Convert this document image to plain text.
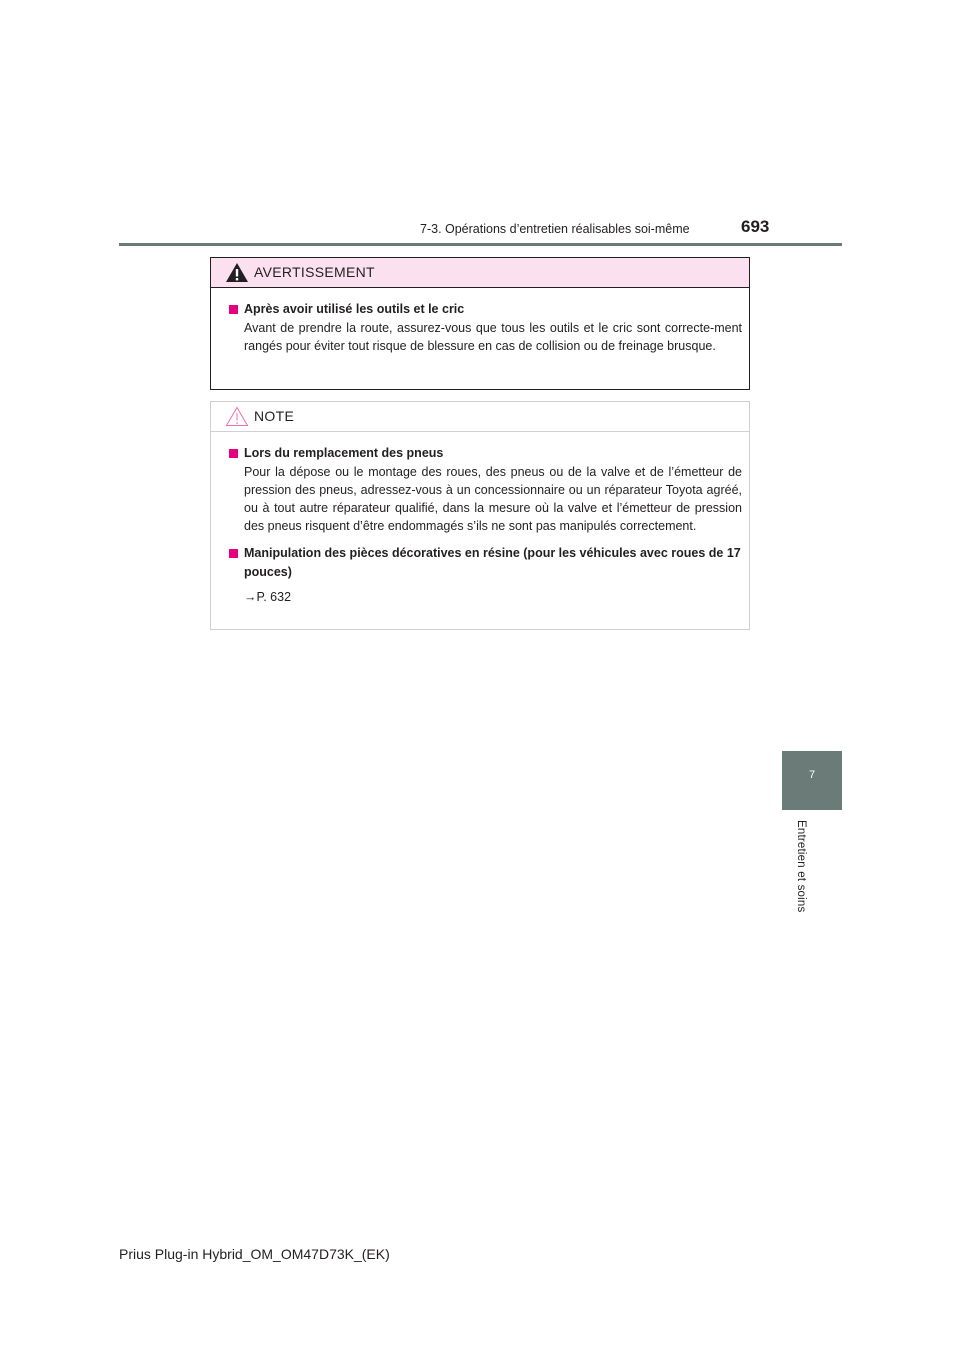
7-3. Opérations d’entretien réalisables soi-même	693
7
Entretien et soins
AVERTISSEMENT
Après avoir utilisé les outils et le cric
Avant de prendre la route, assurez-vous que tous les outils et le cric sont correcte-ment rangés pour éviter tout risque de blessure en cas de collision ou de freinage brusque.
NOTE
Lors du remplacement des pneus
Pour la dépose ou le montage des roues, des pneus ou de la valve et de l’émetteur de pression des pneus, adressez-vous à un concessionnaire ou un réparateur Toyota agréé, ou à tout autre réparateur qualifié, dans la mesure où la valve et l’émetteur de pression des pneus risquent d’être endommagés s’ils ne sont pas manipulés correctement.
Manipulation des pièces décoratives en résine (pour les véhicules avec roues de 17 pouces)
→P. 632
Prius Plug-in Hybrid_OM_OM47D73K_(EK)
